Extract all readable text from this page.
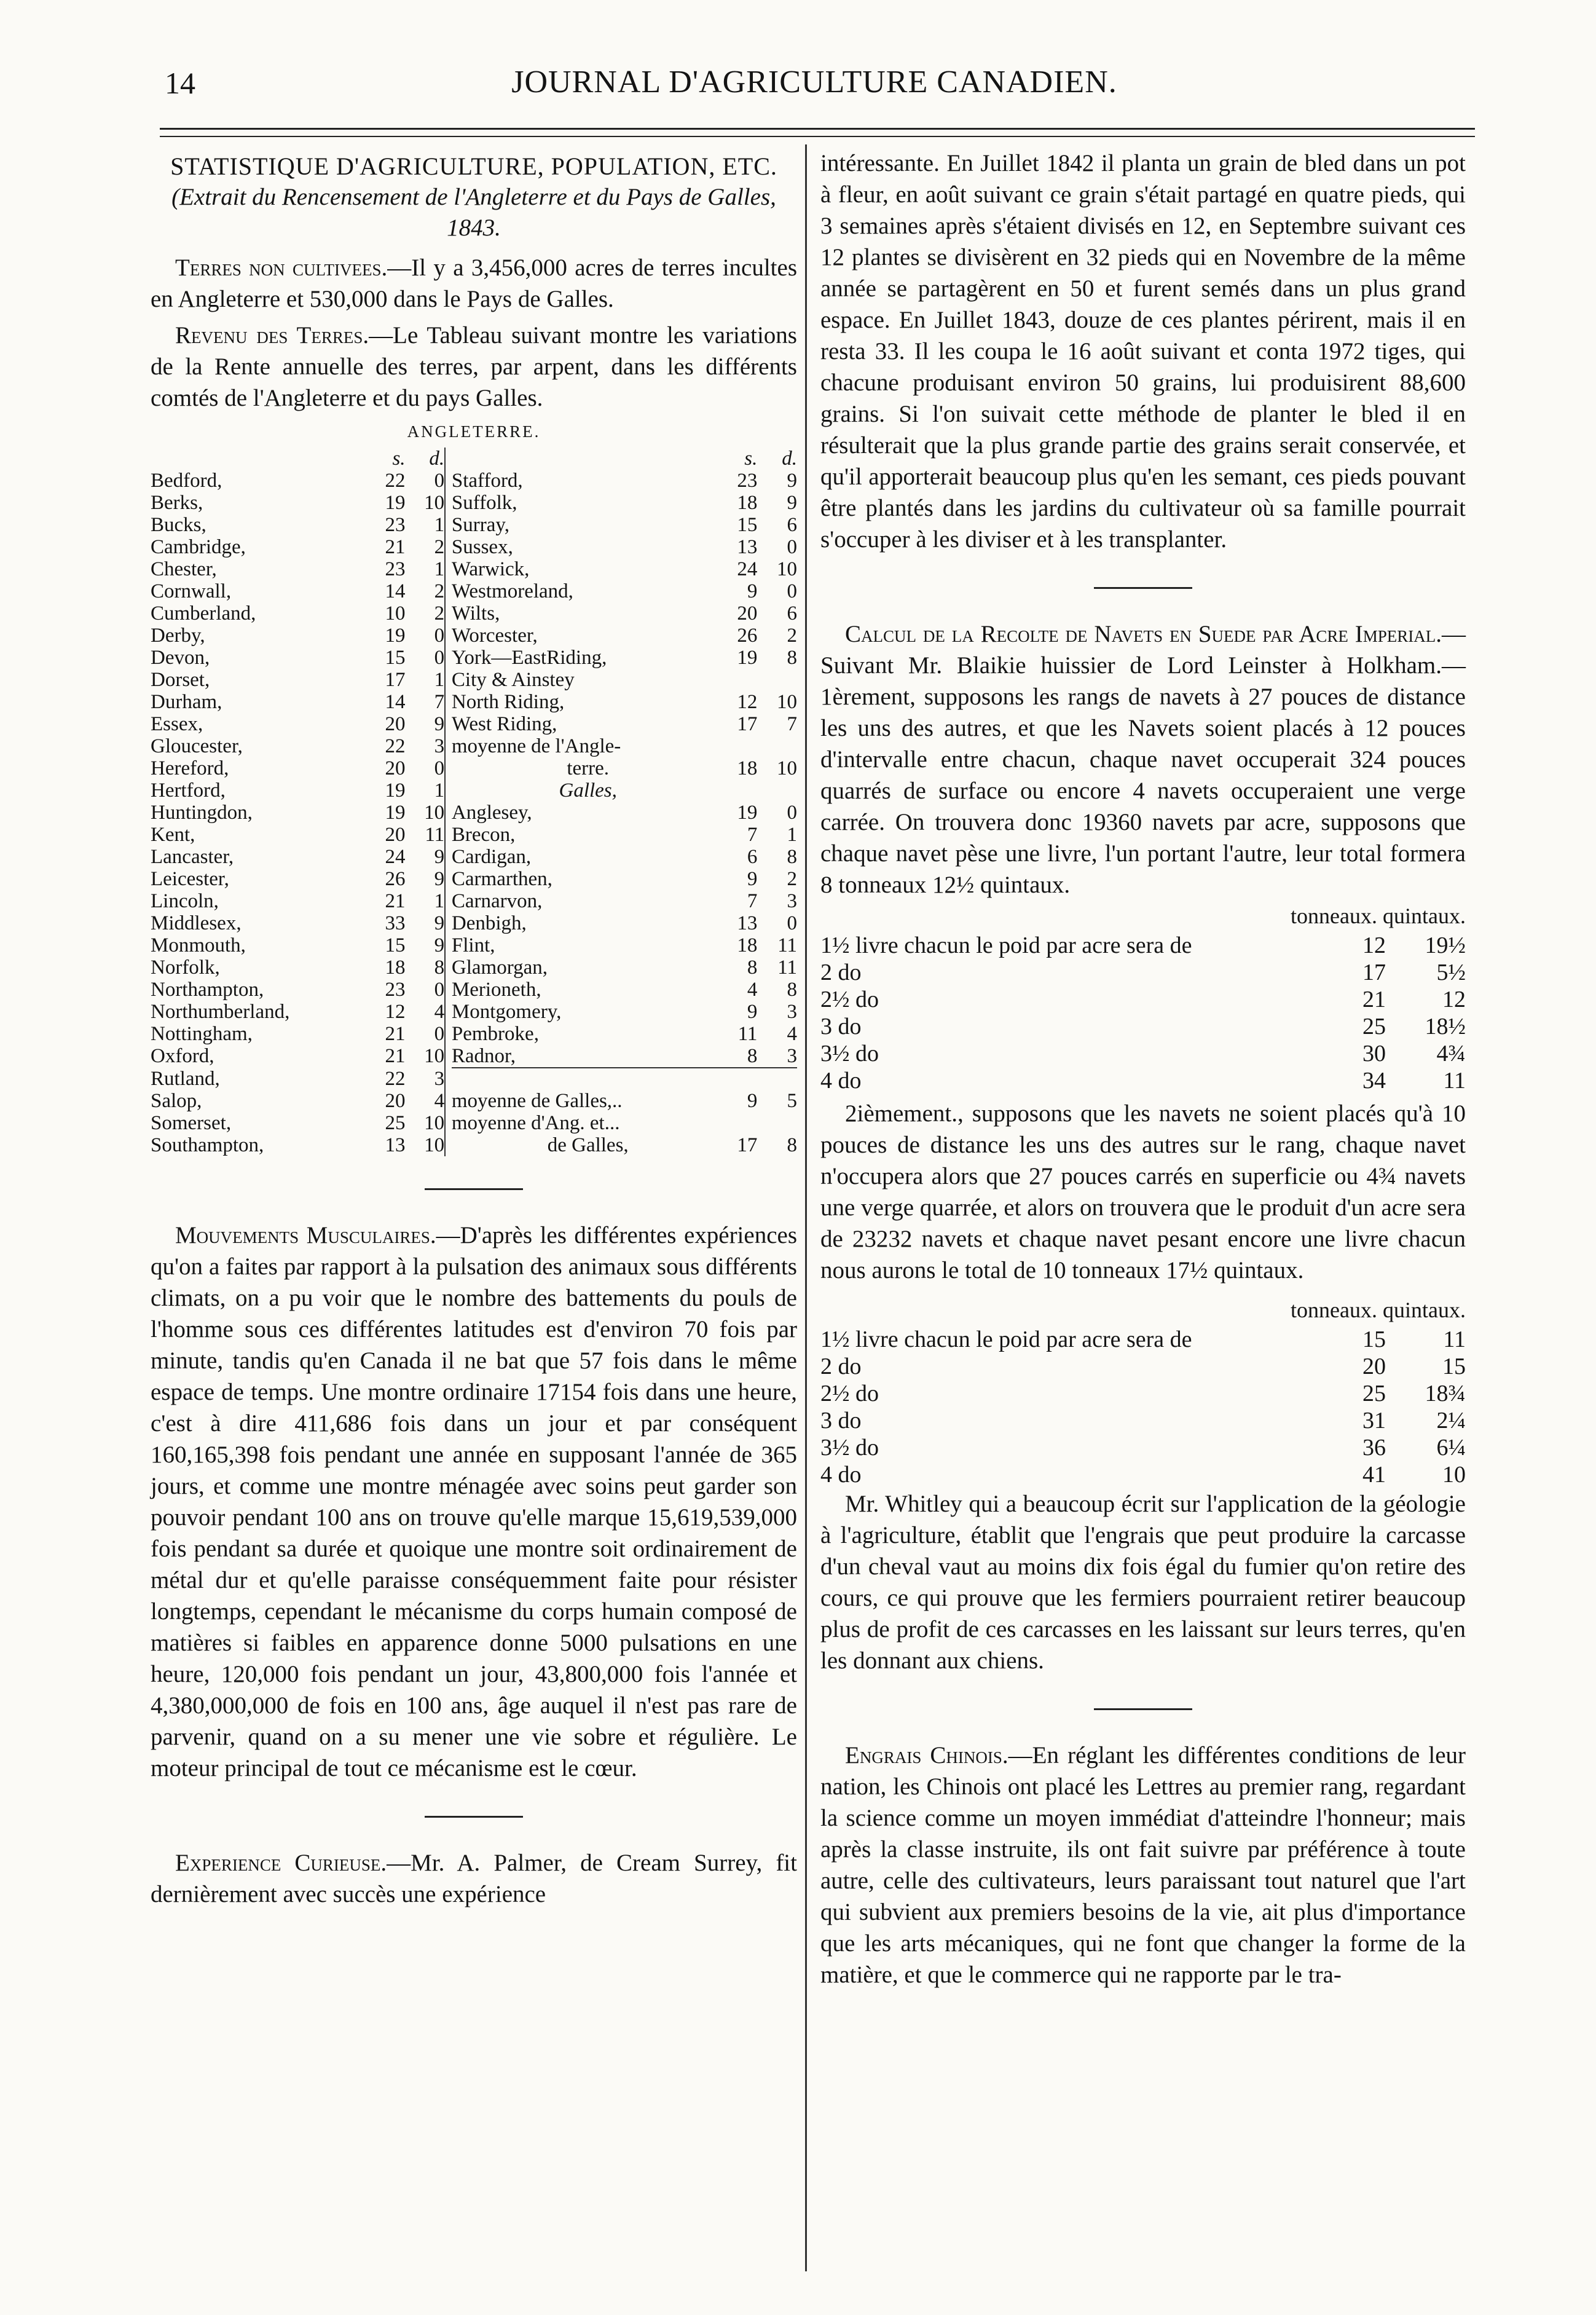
14	JOURNAL D'AGRICULTURE CANADIEN.
STATISTIQUE D'AGRICULTURE, POPULATION, ETC.
(Extrait du Rencensement de l'Angleterre et du Pays de Galles, 1843.

Terres non cultivees.—Il y a 3,456,000 acres de terres incultes en Angleterre et 530,000 dans le Pays de Galles.

Revenu des Terres.—Le Tableau suivant montre les variations de la Rente annuelle des terres, par arpent, dans les différents comtés de l'Angleterre et du pays Galles.

ANGLETERRE.
	s.	d.			s.	d.
Bedford,	22	0		Stafford,	23	9
Berks,	19	10		Suffolk,	18	9
Bucks,	23	1		Surray,	15	6
Cambridge,	21	2		Sussex,	13	0
Chester,	23	1		Warwick,	24	10
Cornwall,	14	2		Westmoreland,	9	0
Cumberland,	10	2		Wilts,	20	6
Derby,	19	0		Worcester,	26	2
Devon,	15	0		York—EastRiding,	19	8
Dorset,	17	1		City & Ainstey		
Durham,	14	7		North Riding,	12	10
Essex,	20	9		West Riding,	17	7
Gloucester,	22	3		moyenne de l'Angle-		
Hereford,	20	0		terre.	18	10
Hertford,	19	1		Galles,		
Huntingdon,	19	10		Anglesey,	19	0
Kent,	20	11		Brecon,	7	1
Lancaster,	24	9		Cardigan,	6	8
Leicester,	26	9		Carmarthen,	9	2
Lincoln,	21	1		Carnarvon,	7	3
Middlesex,	33	9		Denbigh,	13	0
Monmouth,	15	9		Flint,	18	11
Norfolk,	18	8		Glamorgan,	8	11
Northampton,	23	0		Merioneth,	4	8
Northumberland,	12	4		Montgomery,	9	3
Nottingham,	21	0		Pembroke,	11	4
Oxford,	21	10		Radnor,	8	3
Rutland,	22	3				
Salop,	20	4		moyenne de Galles,..	9	5
Somerset,	25	10		moyenne d'Ang. et...		
Southampton,	13	10		de Galles,	17	8

Mouvements Musculaires.—D'après les différentes expériences qu'on a faites par rapport à la pulsation des animaux sous différents climats, on a pu voir que le nombre des battements du pouls de l'homme sous ces différentes latitudes est d'environ 70 fois par minute, tandis qu'en Canada il ne bat que 57 fois dans le même espace de temps. Une montre ordinaire 17154 fois dans une heure, c'est à dire 411,686 fois dans un jour et par conséquent 160,165,398 fois pendant une année en supposant l'année de 365 jours, et comme une montre ménagée avec soins peut garder son pouvoir pendant 100 ans on trouve qu'elle marque 15,619,539,000 fois pendant sa durée et quoique une montre soit ordinairement de métal dur et qu'elle paraisse conséquemment faite pour résister longtemps, cependant le mécanisme du corps humain composé de matières si faibles en apparence donne 5000 pulsations en une heure, 120,000 fois pendant un jour, 43,800,000 fois l'année et 4,380,000,000 de fois en 100 ans, âge auquel il n'est pas rare de parvenir, quand on a su mener une vie sobre et régulière. Le moteur principal de tout ce mécanisme est le cœur.

Experience Curieuse.—Mr. A. Palmer, de Cream Surrey, fit dernièrement avec succès une expérience

intéressante. En Juillet 1842 il planta un grain de bled dans un pot à fleur, en août suivant ce grain s'était partagé en quatre pieds, qui 3 semaines après s'étaient divisés en 12, en Septembre suivant ces 12 plantes se divisèrent en 32 pieds qui en Novembre de la même année se partagèrent en 50 et furent semés dans un plus grand espace. En Juillet 1843, douze de ces plantes périrent, mais il en resta 33. Il les coupa le 16 août suivant et conta 1972 tiges, qui chacune produisant environ 50 grains, lui produisirent 88,600 grains. Si l'on suivait cette méthode de planter le bled il en résulterait que la plus grande partie des grains serait conservée, et qu'il apporterait beaucoup plus qu'en les semant, ces pieds pouvant être plantés dans les jardins du cultivateur où sa famille pourrait s'occuper à les diviser et à les transplanter.

Calcul de la Recolte de Navets en Suede par Acre Imperial.—Suivant Mr. Blaikie huissier de Lord Leinster à Holkham.—1èrement, supposons les rangs de navets à 27 pouces de distance les uns des autres, et que les Navets soient placés à 12 pouces d'intervalle entre chacun, chaque navet occuperait 324 pouces quarrés de surface ou encore 4 navets occuperaient une verge carrée. On trouvera donc 19360 navets par acre, supposons que chaque navet pèse une livre, l'un portant l'autre, leur total formera 8 tonneaux 12½ quintaux.

tonneaux. quintaux.
1½ livre chacun le poid par acre sera de	12	19½
2 do	17	5½
2½ do	21	12
3 do	25	18½
3½ do	30	4¾
4 do	34	11

2ièmement., supposons que les navets ne soient placés qu'à 10 pouces de distance les uns des autres sur le rang, chaque navet n'occupera alors que 27 pouces carrés en superficie ou 4¾ navets une verge quarrée, et alors on trouvera que le produit d'un acre sera de 23232 navets et chaque navet pesant encore une livre chacun nous aurons le total de 10 tonneaux 17½ quintaux.

tonneaux. quintaux.
1½ livre chacun le poid par acre sera de	15	11
2 do	20	15
2½ do	25	18¾
3 do	31	2¼
3½ do	36	6¼
4 do	41	10

Mr. Whitley qui a beaucoup écrit sur l'application de la géologie à l'agriculture, établit que l'engrais que peut produire la carcasse d'un cheval vaut au moins dix fois égal du fumier qu'on retire des cours, ce qui prouve que les fermiers pourraient retirer beaucoup plus de profit de ces carcasses en les laissant sur leurs terres, qu'en les donnant aux chiens.

Engrais Chinois.—En réglant les différentes conditions de leur nation, les Chinois ont placé les Lettres au premier rang, regardant la science comme un moyen immédiat d'atteindre l'honneur; mais après la classe instruite, ils ont fait suivre par préférence à toute autre, celle des cultivateurs, leurs paraissant tout naturel que l'art qui subvient aux premiers besoins de la vie, ait plus d'importance que les arts mécaniques, qui ne font que changer la forme de la matière, et que le commerce qui ne rapporte par le tra-
